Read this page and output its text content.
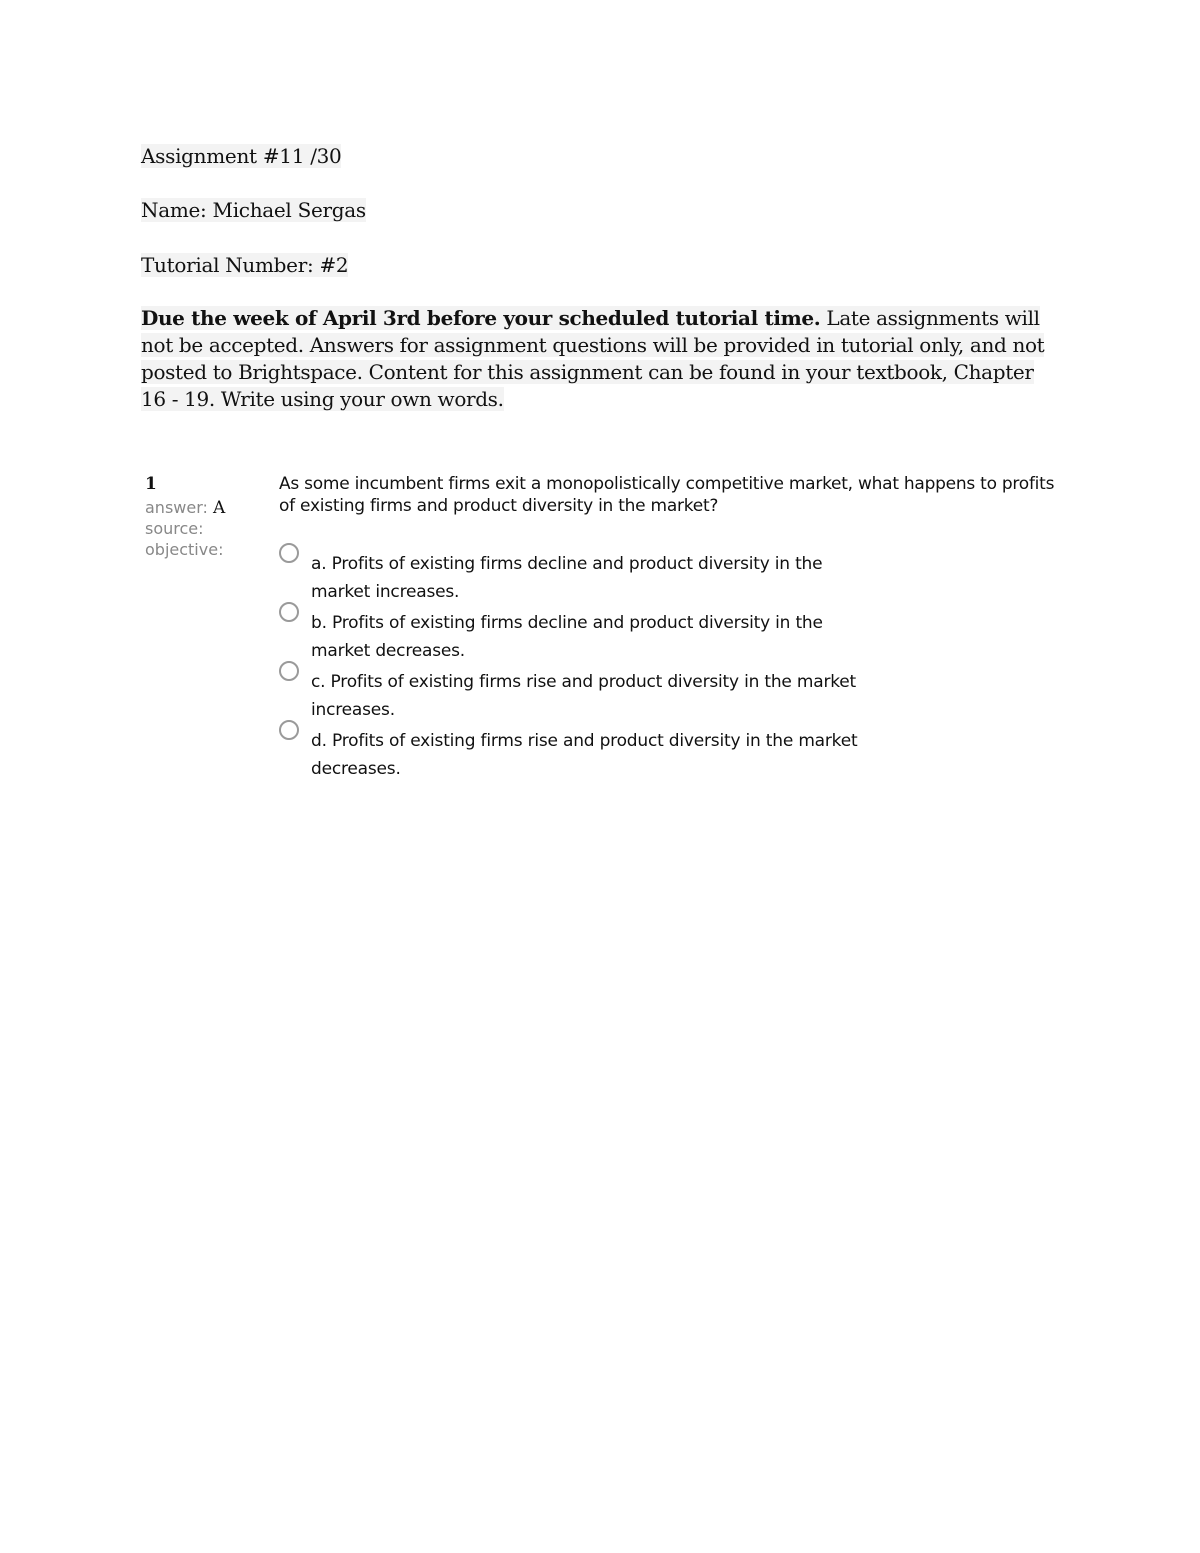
Assignment #11 /30
Name: Michael Sergas
Tutorial Number: #2
Due the week of April 3rd before your scheduled tutorial time. Late assignments will not be accepted. Answers for assignment questions will be provided in tutorial only, and not posted to Brightspace. Content for this assignment can be found in your textbook, Chapter 16 - 19. Write using your own words.
1
answer: A
source:
objective:
As some incumbent firms exit a monopolistically competitive market, what happens to profits of existing firms and product diversity in the market?
a. Profits of existing firms decline and product diversity in the market increases.
b. Profits of existing firms decline and product diversity in the market decreases.
c. Profits of existing firms rise and product diversity in the market increases.
d. Profits of existing firms rise and product diversity in the market decreases.
